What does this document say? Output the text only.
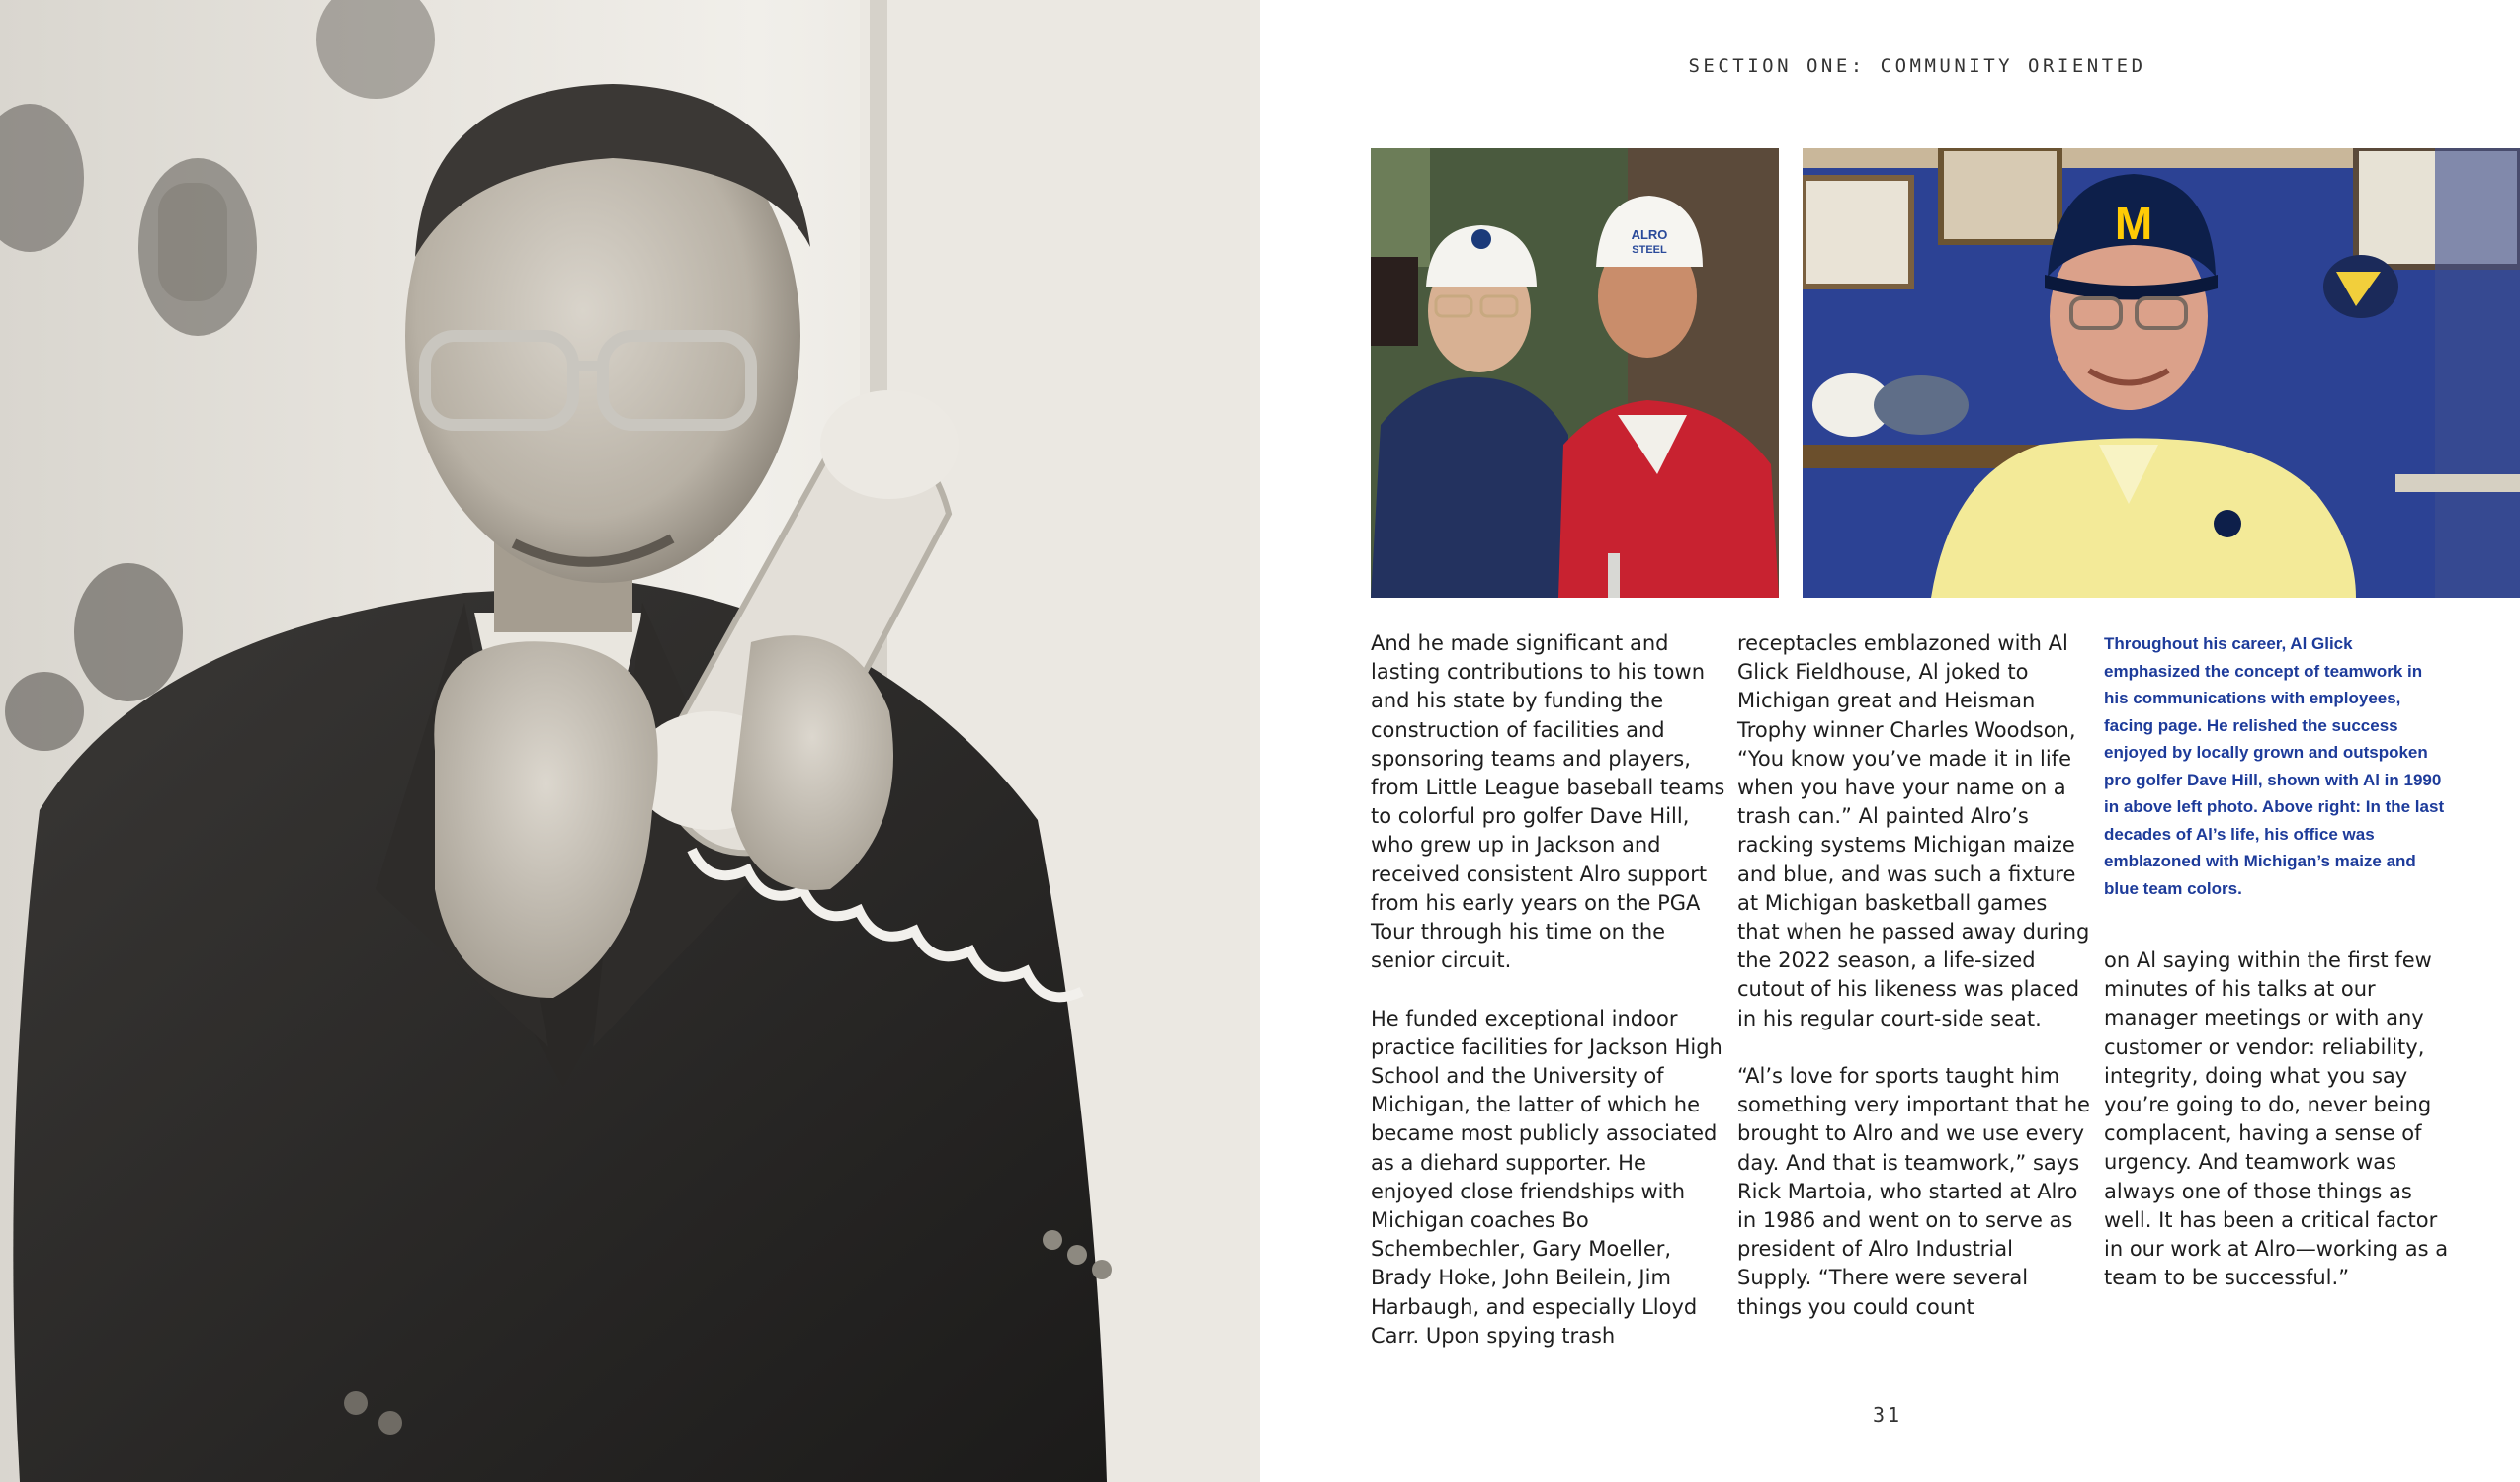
SECTION ONE: COMMUNITY ORIENTED
ALRO
STEEL
M

And he made significant and lasting contributions to his town and his state by funding the construction of facilities and sponsoring teams and players, from Little League baseball teams to colorful pro golfer Dave Hill, who grew up in Jackson and received consistent Alro support from his early years on the PGA Tour through his time on the senior circuit.

He funded exceptional indoor practice facilities for Jackson High School and the University of Michigan, the latter of which he became most publicly associated as a diehard supporter. He enjoyed close friendships with Michigan coaches Bo Schembechler, Gary Moeller, Brady Hoke, John Beilein, Jim Harbaugh, and especially Lloyd Carr. Upon spying trash

receptacles emblazoned with Al Glick Fieldhouse, Al joked to Michigan great and Heisman Trophy winner Charles Woodson, “You know you’ve made it in life when you have your name on a trash can.” Al painted Alro’s racking systems Michigan maize and blue, and was such a fixture at Michigan basketball games that when he passed away during the 2022 season, a life-sized cutout of his likeness was placed in his regular court-side seat.

“Al’s love for sports taught him something very important that he brought to Alro and we use every day. And that is teamwork,” says Rick Martoia, who started at Alro in 1986 and went on to serve as president of Alro Industrial Supply. “There were several things you could count

Throughout his career, Al Glick emphasized the concept of teamwork in his communications with employees, facing page. He relished the success enjoyed by locally grown and outspoken pro golfer Dave Hill, shown with Al in 1990 in above left photo. Above right: In the last decades of Al’s life, his office was emblazoned with Michigan’s maize and blue team colors.

on Al saying within the first few minutes of his talks at our manager meetings or with any customer or vendor: reliability, integrity, doing what you say you’re going to do, never being complacent, having a sense of urgency. And teamwork was always one of those things as well. It has been a critical factor in our work at Alro—working as a team to be successful.”

31
